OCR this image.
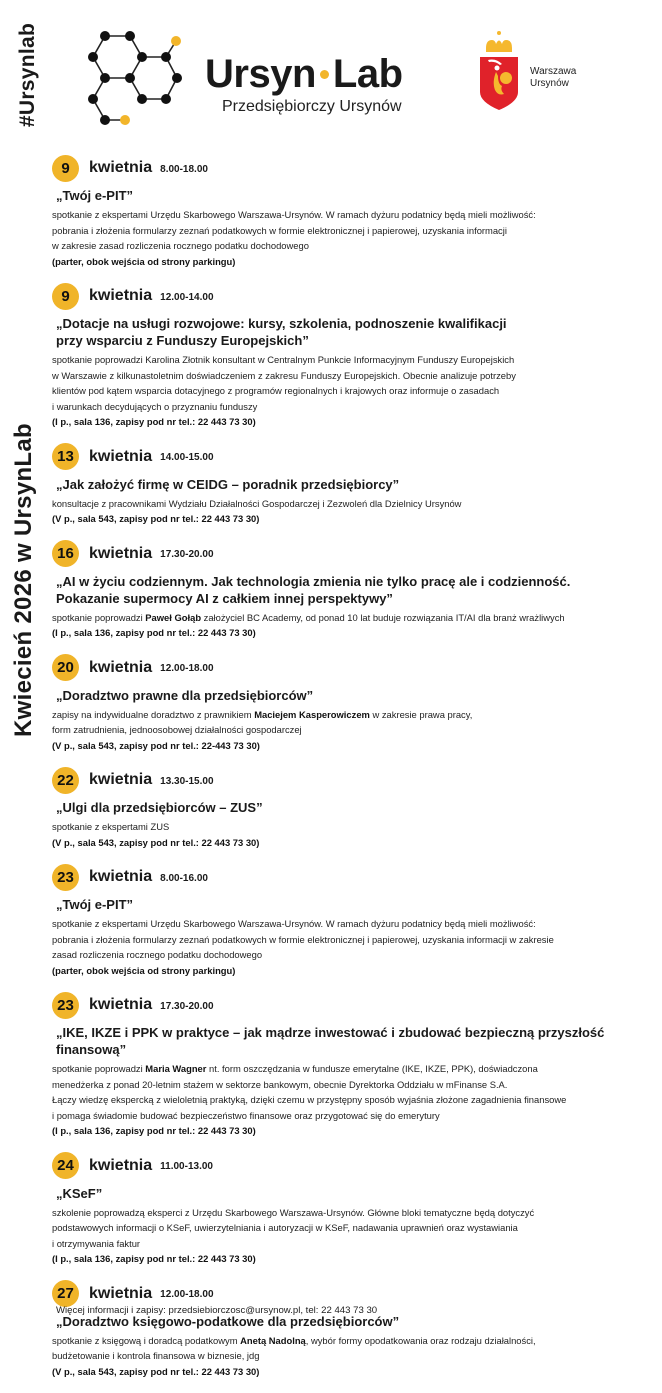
#Ursynlab	Ursyn Lab
Przedsiębiorczy Ursynów
Warszawa
Ursynów
Kwiecień 2026 w UrsynLab
9	kwietnia 8.00-18.00
„Twój e-PIT”
spotkanie z ekspertami Urzędu Skarbowego Warszawa-Ursynów. W ramach dyżuru podatnicy będą mieli możliwość:
pobrania i złożenia formularzy zeznań podatkowych w formie elektronicznej i papierowej, uzyskania informacji
w zakresie zasad rozliczenia rocznego podatku dochodowego
(parter, obok wejścia od strony parkingu)
9	kwietnia 12.00-14.00
„Dotacje na usługi rozwojowe: kursy, szkolenia, podnoszenie kwalifikacji
przy wsparciu z Funduszy Europejskich”
spotkanie poprowadzi Karolina Złotnik konsultant w Centralnym Punkcie Informacyjnym Funduszy Europejskich
w Warszawie z kilkunastoletnim doświadczeniem z zakresu Funduszy Europejskich. Obecnie analizuje potrzeby
klientów pod kątem wsparcia dotacyjnego z programów regionalnych i krajowych oraz informuje o zasadach
i warunkach decydujących o przyznaniu funduszy
(I p., sala 136, zapisy pod nr tel.: 22 443 73 30)
13 kwietnia 14.00-15.00
„Jak założyć firmę w CEIDG – poradnik przedsiębiorcy”
konsultacje z pracownikami Wydziału Działalności Gospodarczej i Zezwoleń dla Dzielnicy Ursynów
(V p., sala 543, zapisy pod nr tel.: 22 443 73 30)
16 kwietnia 17.30-20.00
„AI w życiu codziennym. Jak technologia zmienia nie tylko pracę ale i codzienność.
Pokazanie supermocy AI z całkiem innej perspektywy”
spotkanie poprowadzi Paweł Gołąb założyciel BC Academy, od ponad 10 lat buduje rozwiązania IT/AI dla branż wrażliwych
(I p., sala 136, zapisy pod nr tel.: 22 443 73 30)
20 kwietnia 12.00-18.00
„Doradztwo prawne dla przedsiębiorców”
zapisy na indywidualne doradztwo z prawnikiem Maciejem Kasperowiczem w zakresie prawa pracy,
form zatrudnienia, jednoosobowej działalności gospodarczej
(V p., sala 543, zapisy pod nr tel.: 22-443 73 30)
22 kwietnia 13.30-15.00
„Ulgi dla przedsiębiorców – ZUS”
spotkanie z ekspertami ZUS
(V p., sala 543, zapisy pod nr tel.: 22 443 73 30)
23 kwietnia 8.00-16.00
„Twój e-PIT”
spotkanie z ekspertami Urzędu Skarbowego Warszawa-Ursynów. W ramach dyżuru podatnicy będą mieli możliwość:
pobrania i złożenia formularzy zeznań podatkowych w formie elektronicznej i papierowej, uzyskania informacji w zakresie
zasad rozliczenia rocznego podatku dochodowego
(parter, obok wejścia od strony parkingu)
23 kwietnia 17.30-20.00
„IKE, IKZE i PPK w praktyce – jak mądrze inwestować i zbudować bezpieczną przyszłość
finansową”
spotkanie poprowadzi Maria Wagner nt. form oszczędzania w fundusze emerytalne (IKE, IKZE, PPK), doświadczona
menedżerka z ponad 20-letnim stażem w sektorze bankowym, obecnie Dyrektorka Oddziału w mFinanse S.A.
Łączy wiedzę ekspercką z wieloletnią praktyką, dzięki czemu w przystępny sposób wyjaśnia złożone zagadnienia finansowe
i pomaga świadomie budować bezpieczeństwo finansowe oraz przygotować się do emerytury
(I p., sala 136, zapisy pod nr tel.: 22 443 73 30)
24 kwietnia 11.00-13.00
„KSeF”
szkolenie poprowadzą eksperci z Urzędu Skarbowego Warszawa-Ursynów. Główne bloki tematyczne będą dotyczyć
podstawowych informacji o KSeF, uwierzytelniania i autoryzacji w KSeF, nadawania uprawnień oraz wystawiania
i otrzymywania faktur
(I p., sala 136, zapisy pod nr tel.: 22 443 73 30)
27 kwietnia 12.00-18.00
„Doradztwo księgowo-podatkowe dla przedsiębiorców”
spotkanie z księgową i doradcą podatkowym Anetą Nadolną, wybór formy opodatkowania oraz rodzaju działalności,
budżetowanie i kontrola finansowa w biznesie, jdg
(V p., sala 543, zapisy pod nr tel.: 22 443 73 30)
Więcej informacji i zapisy: przedsiebiorczosc@ursynow.pl, tel: 22 443 73 30
